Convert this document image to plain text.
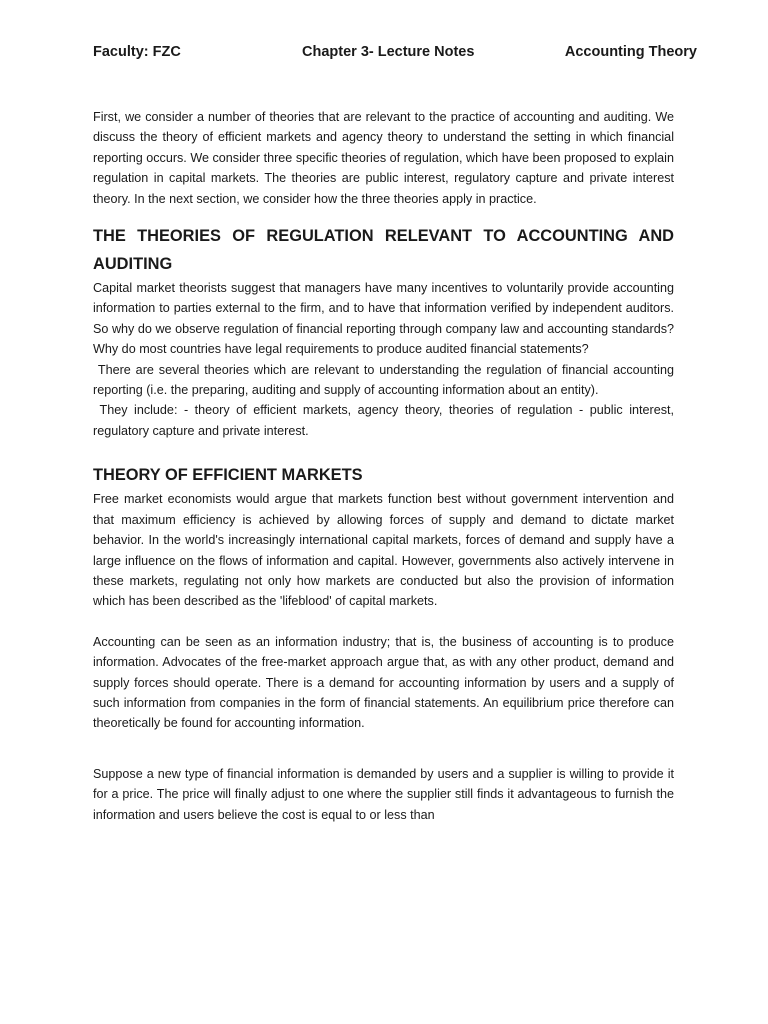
Faculty: FZC	Chapter 3- Lecture Notes	Accounting Theory

First, we consider a number of theories that are relevant to the practice of accounting and auditing. We discuss the theory of efficient markets and agency theory to understand the setting in which financial reporting occurs. We consider three specific theories of regulation, which have been proposed to explain regulation in capital markets. The theories are public interest, regulatory capture and private interest theory. In the next section, we consider how the three theories apply in practice.

THE THEORIES OF REGULATION RELEVANT TO ACCOUNTING AND AUDITING

Capital market theorists suggest that managers have many incentives to voluntarily provide accounting information to parties external to the firm, and to have that information verified by independent auditors. So why do we observe regulation of financial reporting through company law and accounting standards? Why do most countries have legal requirements to produce audited financial statements?

There are several theories which are relevant to understanding the regulation of financial accounting reporting (i.e. the preparing, auditing and supply of accounting information about an entity).

They include: - theory of efficient markets, agency theory, theories of regulation - public interest, regulatory capture and private interest.

THEORY OF EFFICIENT MARKETS

Free market economists would argue that markets function best without government intervention and that maximum efficiency is achieved by allowing forces of supply and demand to dictate market behavior. In the world's increasingly international capital markets, forces of demand and supply have a large influence on the flows of information and capital. However, governments also actively intervene in these markets, regulating not only how markets are conducted but also the provision of information which has been described as the 'lifeblood' of capital markets.

Accounting can be seen as an information industry; that is, the business of accounting is to produce information. Advocates of the free-market approach argue that, as with any other product, demand and supply forces should operate. There is a demand for accounting information by users and a supply of such information from companies in the form of financial statements. An equilibrium price therefore can theoretically be found for accounting information.

Suppose a new type of financial information is demanded by users and a supplier is willing to provide it for a price. The price will finally adjust to one where the supplier still finds it advantageous to furnish the information and users believe the cost is equal to or less than
